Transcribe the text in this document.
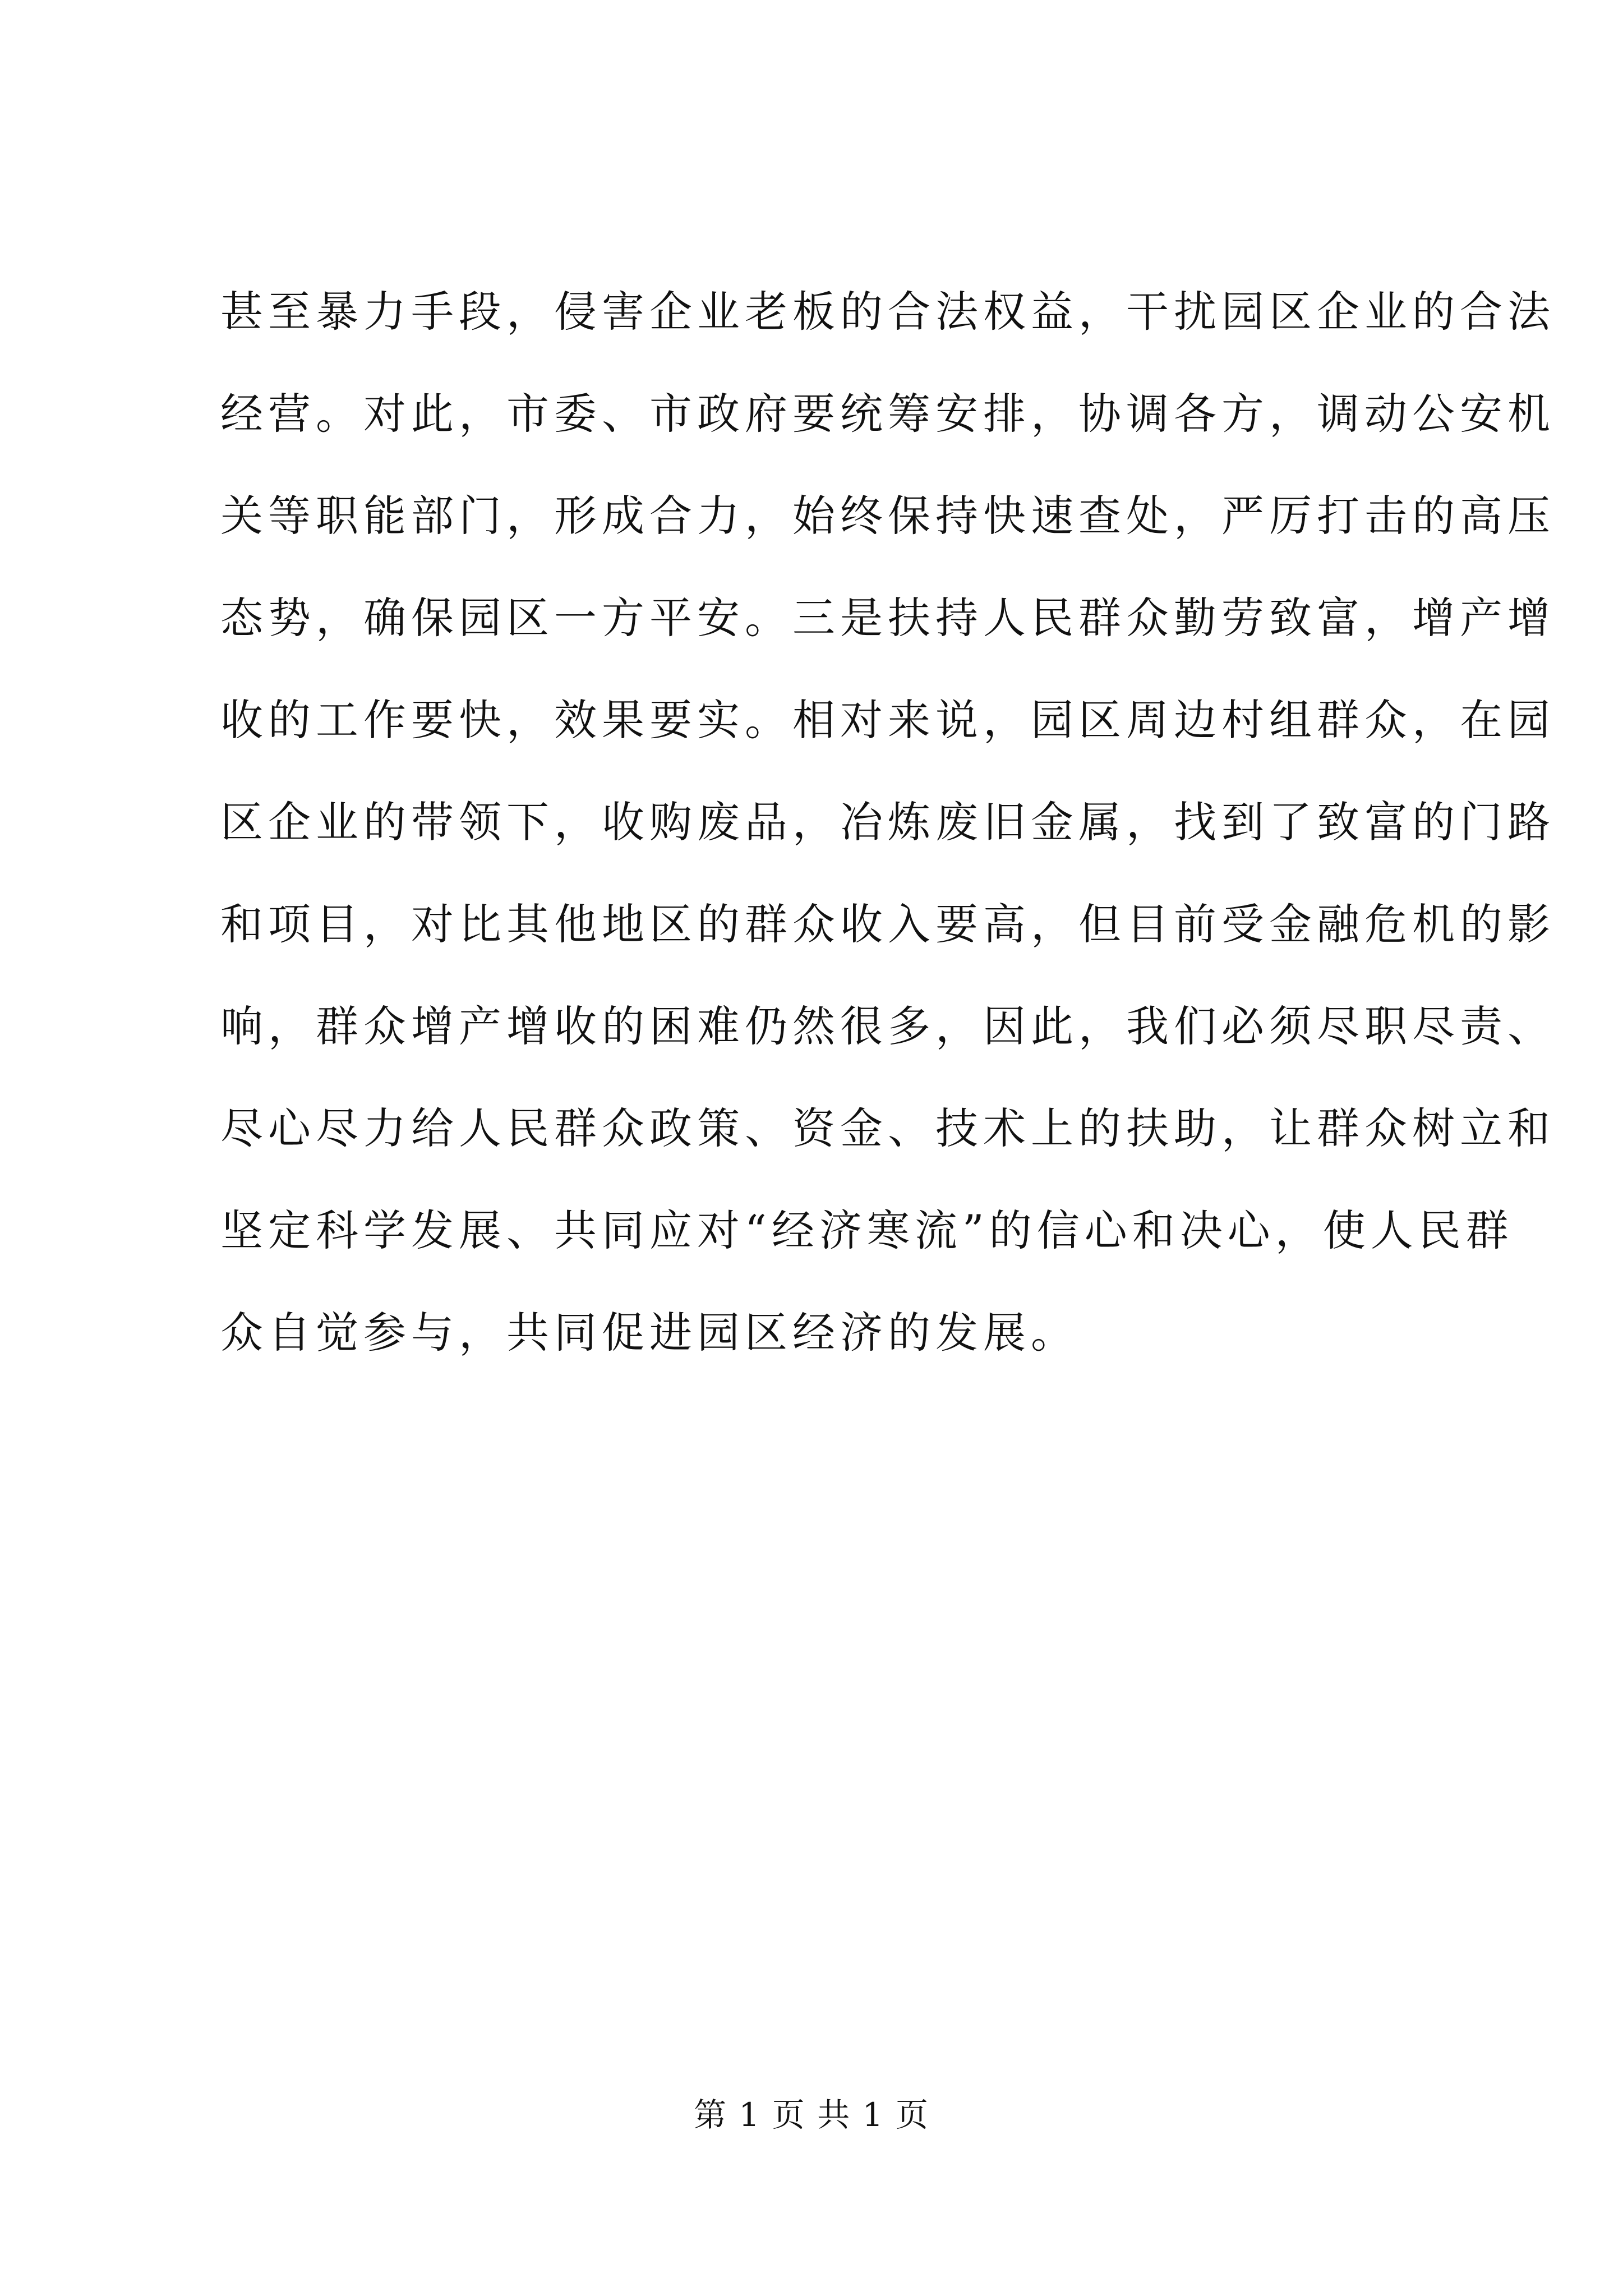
甚至暴力手段，侵害企业老板的合法权益，干扰园区企业的合法
经营。对此，市委、市政府要统筹安排，协调各方，调动公安机
关等职能部门，形成合力，始终保持快速查处，严厉打击的高压
态势，确保园区一方平安。三是扶持人民群众勤劳致富，增产增
收的工作要快，效果要实。相对来说，园区周边村组群众，在园
区企业的带领下，收购废品，冶炼废旧金属，找到了致富的门路
和项目，对比其他地区的群众收入要高，但目前受金融危机的影
响，群众增产增收的困难仍然很多，因此，我们必须尽职尽责、
尽心尽力给人民群众政策、资金、技术上的扶助，让群众树立和
坚定科学发展、共同应对“经济寒流”的信心和决心，使人民群
众自觉参与，共同促进园区经济的发展。
第 1 页 共 1 页
